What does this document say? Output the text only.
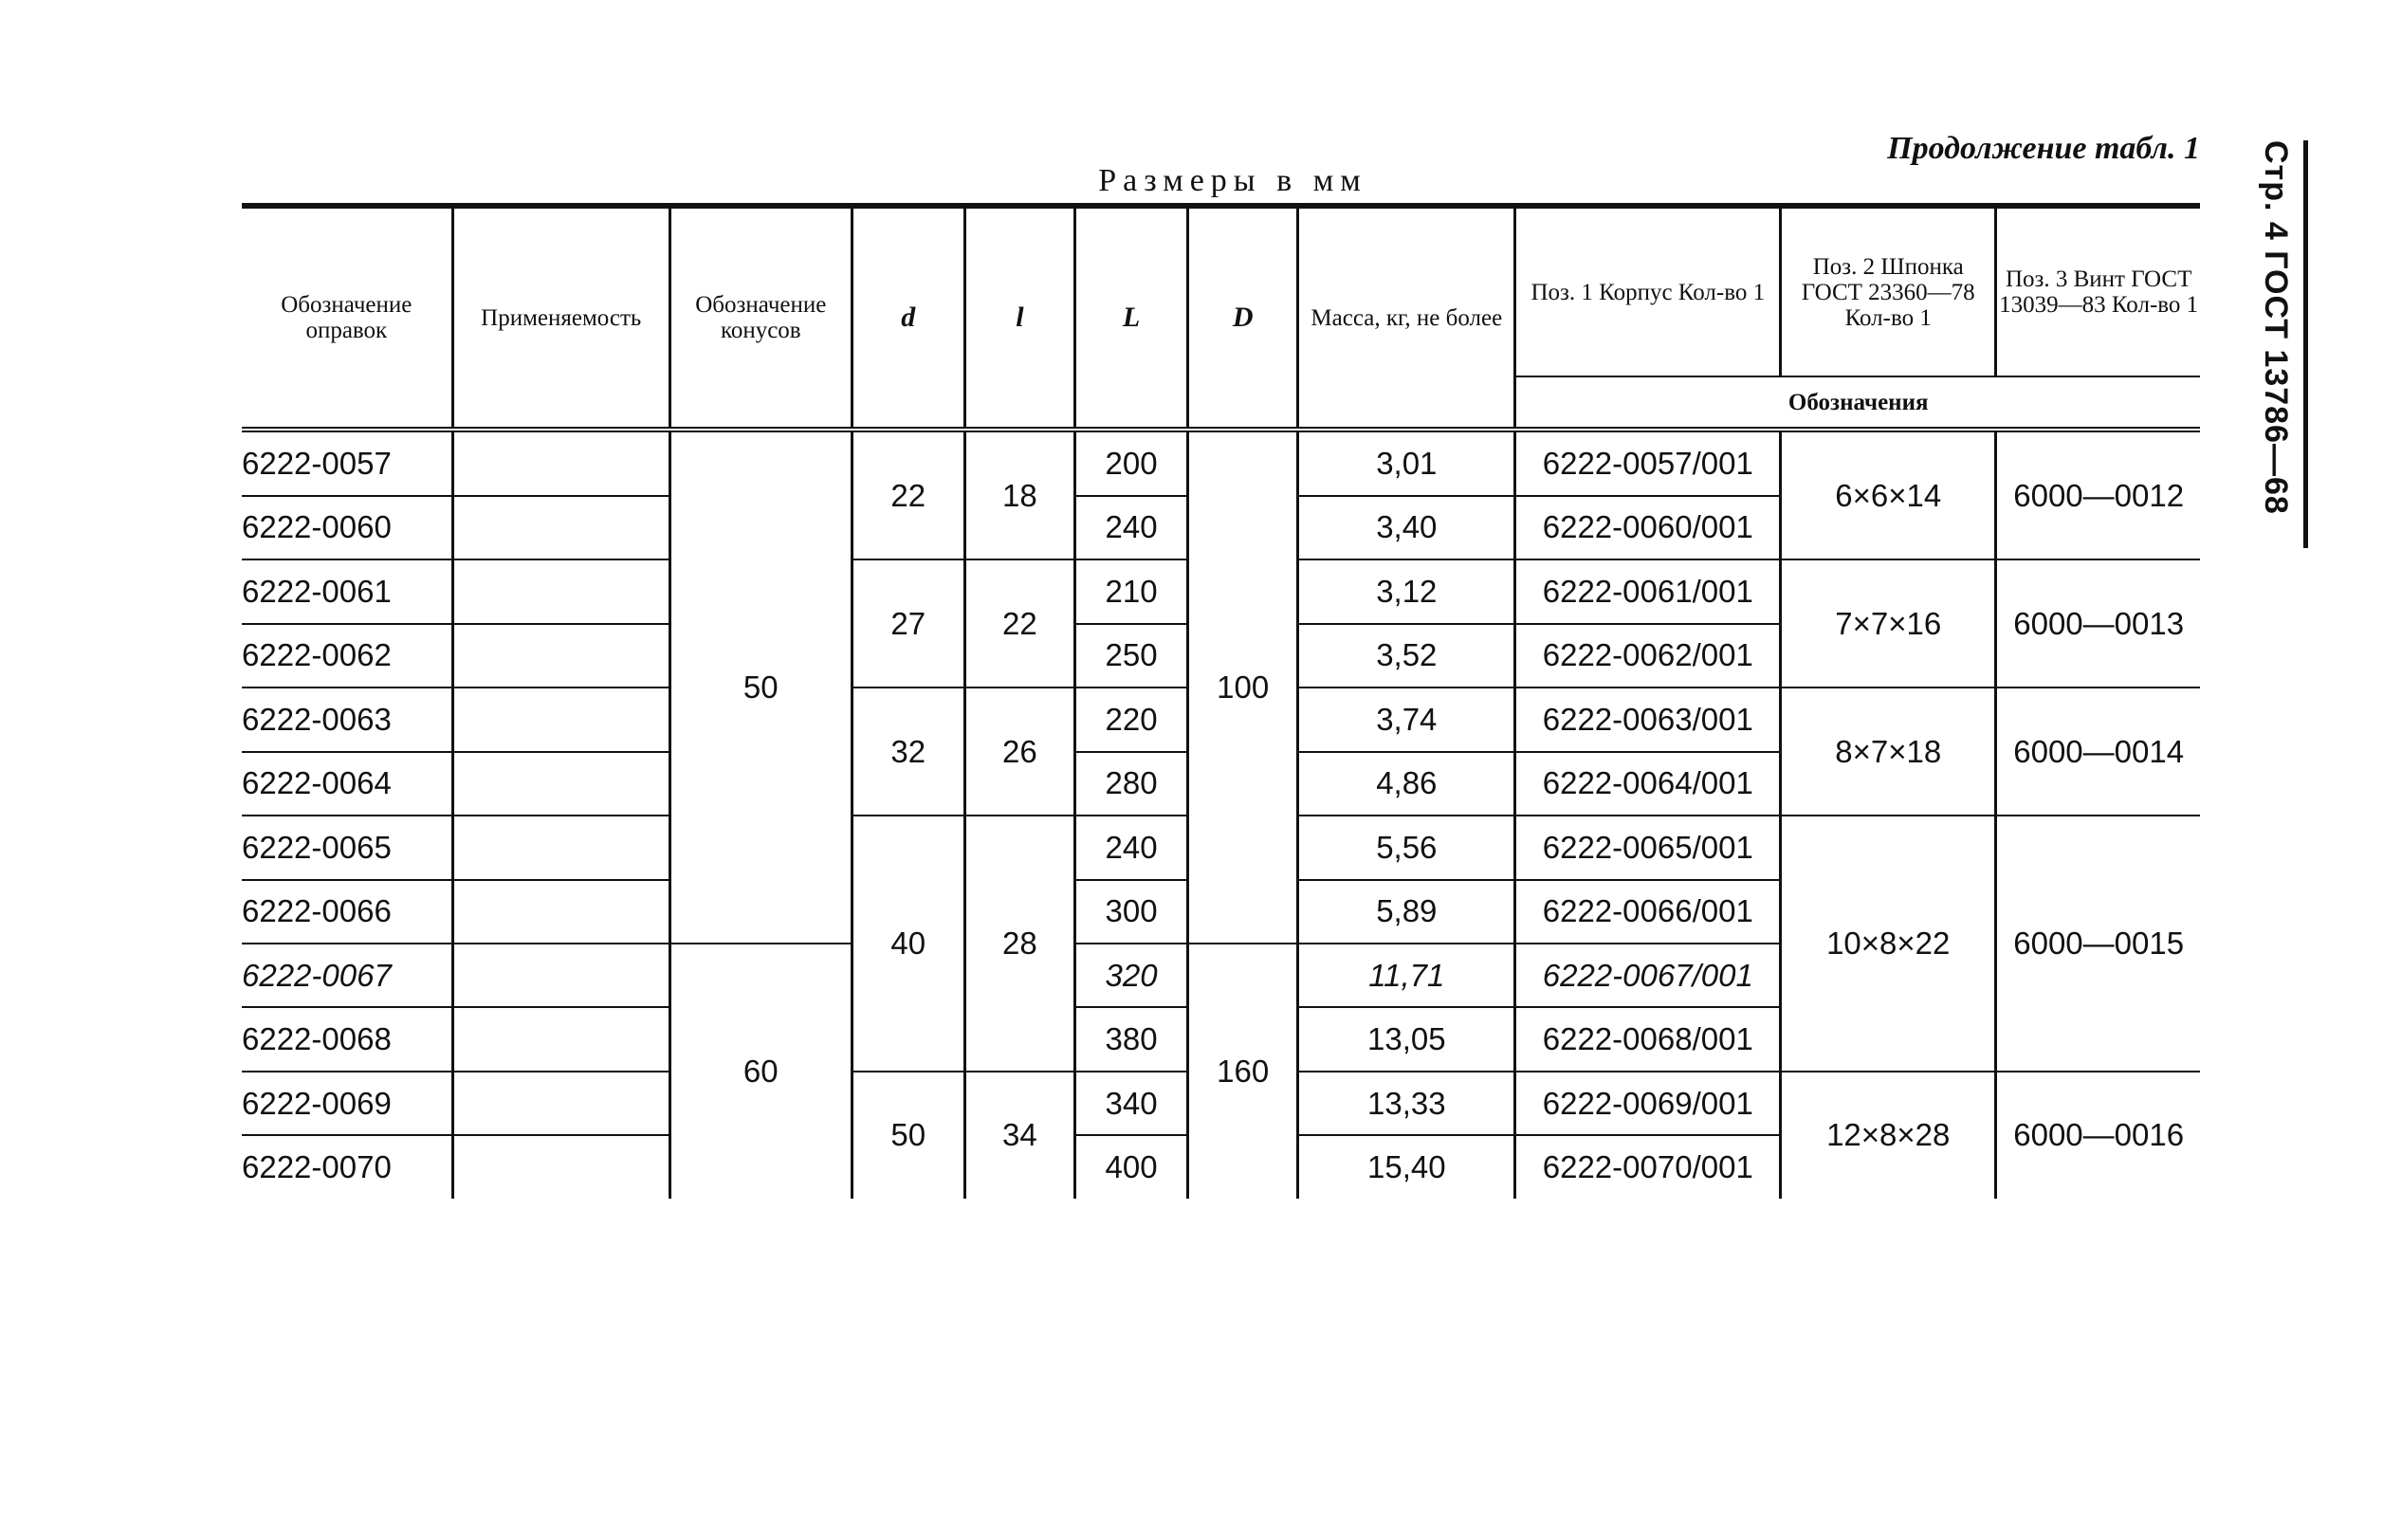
Продолжение табл. 1
Размеры в мм	Стр. 4 ГОСТ 13786—68
Обозначение оправок	Применяемость	Обозначение конусов	d	l	L	D	Масса, кг, не более	Поз. 1 Корпус Кол-во 1	Поз. 2 Шпонка ГОСТ 23360—78 Кол-во 1	Поз. 3 Винт ГОСТ 13039—83 Кол-во 1
								Обозначения		
6222-0057		50	22	18	200	100	3,01	6222-0057/001	6×6×14	6000—0012
6222-0060					240		3,40	6222-0060/001		
6222-0061			27	22	210		3,12	6222-0061/001	7×7×16	6000—0013
6222-0062					250		3,52	6222-0062/001		
6222-0063			32	26	220		3,74	6222-0063/001	8×7×18	6000—0014
6222-0064					280		4,86	6222-0064/001		
6222-0065			40	28	240		5,56	6222-0065/001	10×8×22	6000—0015
6222-0066					300		5,89	6222-0066/001		
6222-0067		60			320	160	11,71	6222-0067/001		
6222-0068					380		13,05	6222-0068/001		
6222-0069			50	34	340		13,33	6222-0069/001	12×8×28	6000—0016
6222-0070					400		15,40	6222-0070/001		
